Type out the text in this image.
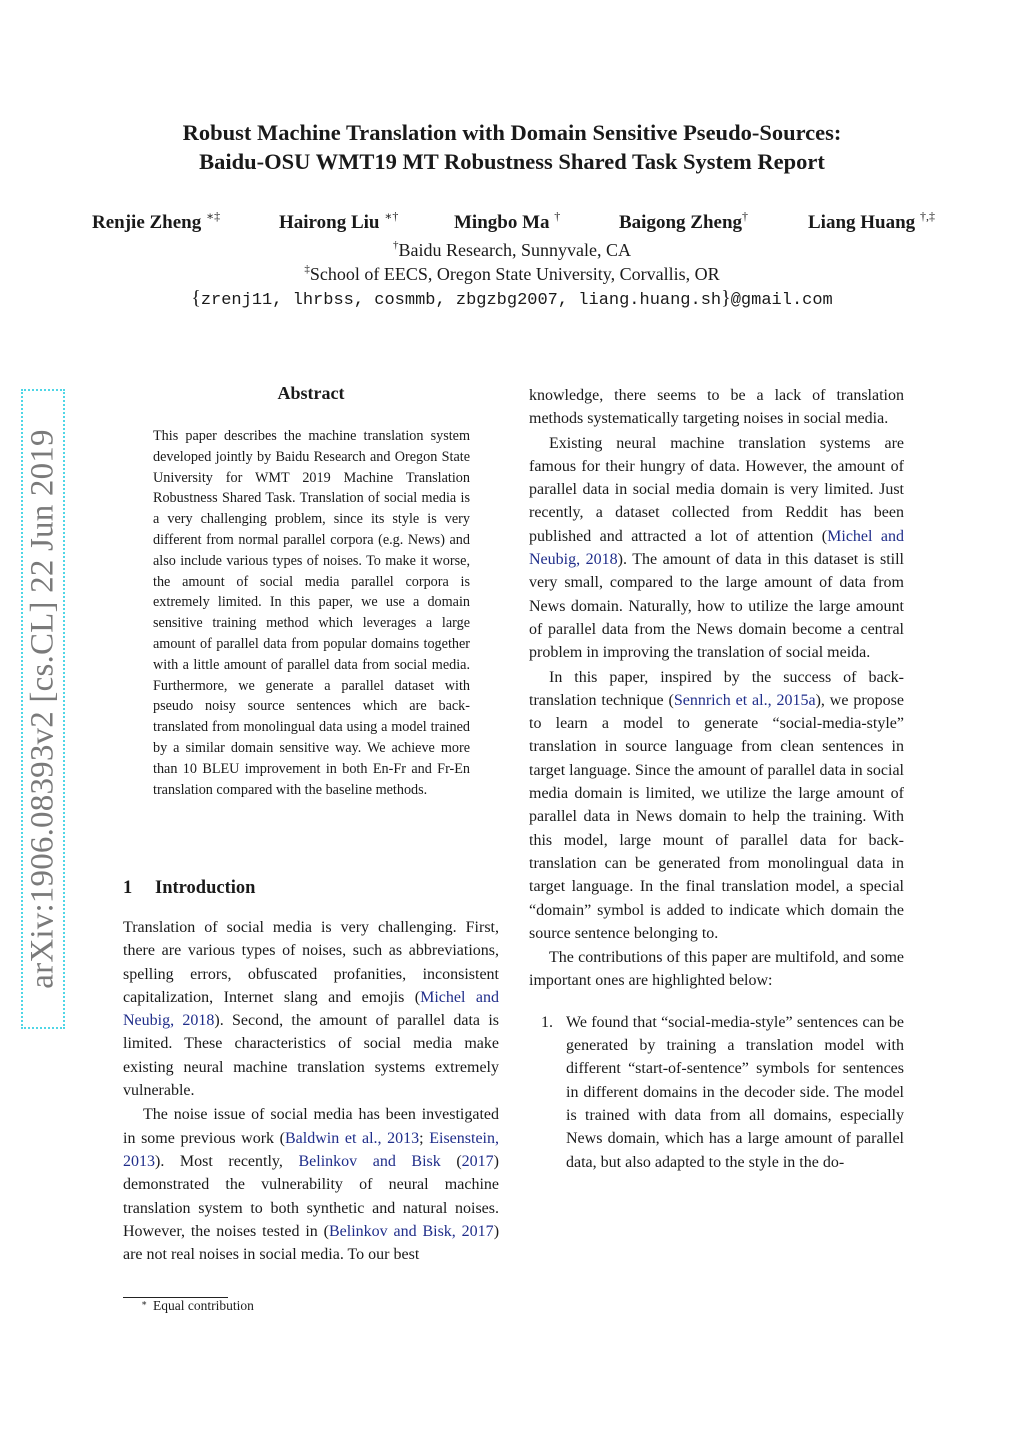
Robust Machine Translation with Domain Sensitive Pseudo-Sources:
Baidu-OSU WMT19 MT Robustness Shared Task System Report
Renjie Zheng ∗‡	Hairong Liu ∗†	Mingbo Ma †	Baigong Zheng†	Liang Huang †,‡
†Baidu Research, Sunnyvale, CA
‡School of EECS, Oregon State University, Corvallis, OR
{zrenj11, lhrbss, cosmmb, zbgzbg2007, liang.huang.sh}@gmail.com
arXiv:1906.08393v2 [cs.CL] 22 Jun 2019
Abstract
This paper describes the machine translation system developed jointly by Baidu Research and Oregon State University for WMT 2019 Machine Translation Robustness Shared Task. Translation of social media is a very challenging problem, since its style is very different from normal parallel corpora (e.g. News) and also include various types of noises. To make it worse, the amount of social media parallel corpora is extremely limited. In this paper, we use a domain sensitive training method which leverages a large amount of parallel data from popular domains together with a little amount of parallel data from social media. Furthermore, we generate a parallel dataset with pseudo noisy source sentences which are back-translated from monolingual data using a model trained by a similar domain sensitive way. We achieve more than 10 BLEU improvement in both En-Fr and Fr-En translation compared with the baseline methods.
1 Introduction

Translation of social media is very challenging. First, there are various types of noises, such as abbreviations, spelling errors, obfuscated profanities, inconsistent capitalization, Internet slang and emojis (Michel and Neubig, 2018). Second, the amount of parallel data is limited. These characteristics of social media make existing neural machine translation systems extremely vulnerable.

The noise issue of social media has been investigated in some previous work (Baldwin et al., 2013; Eisenstein, 2013). Most recently, Belinkov and Bisk (2017) demonstrated the vulnerability of neural machine translation system to both synthetic and natural noises. However, the noises tested in (Belinkov and Bisk, 2017) are not real noises in social media. To our best

∗ Equal contribution

knowledge, there seems to be a lack of translation methods systematically targeting noises in social media.

Existing neural machine translation systems are famous for their hungry of data. However, the amount of parallel data in social media domain is very limited. Just recently, a dataset collected from Reddit has been published and attracted a lot of attention (Michel and Neubig, 2018). The amount of data in this dataset is still very small, compared to the large amount of data from News domain. Naturally, how to utilize the large amount of parallel data from the News domain become a central problem in improving the translation of social meida.

In this paper, inspired by the success of back-translation technique (Sennrich et al., 2015a), we propose to learn a model to generate “social-media-style” translation in source language from clean sentences in target language. Since the amount of parallel data in social media domain is limited, we utilize the large amount of parallel data in News domain to help the training. With this model, large mount of parallel data for back-translation can be generated from monolingual data in target language. In the final translation model, a special “domain” symbol is added to indicate which domain the source sentence belonging to.

The contributions of this paper are multifold, and some important ones are highlighted below:

1. We found that “social-media-style” sentences can be generated by training a translation model with different “start-of-sentence” symbols for sentences in different domains in the decoder side. The model is trained with data from all domains, especially News domain, which has a large amount of parallel data, but also adapted to the style in the do-
